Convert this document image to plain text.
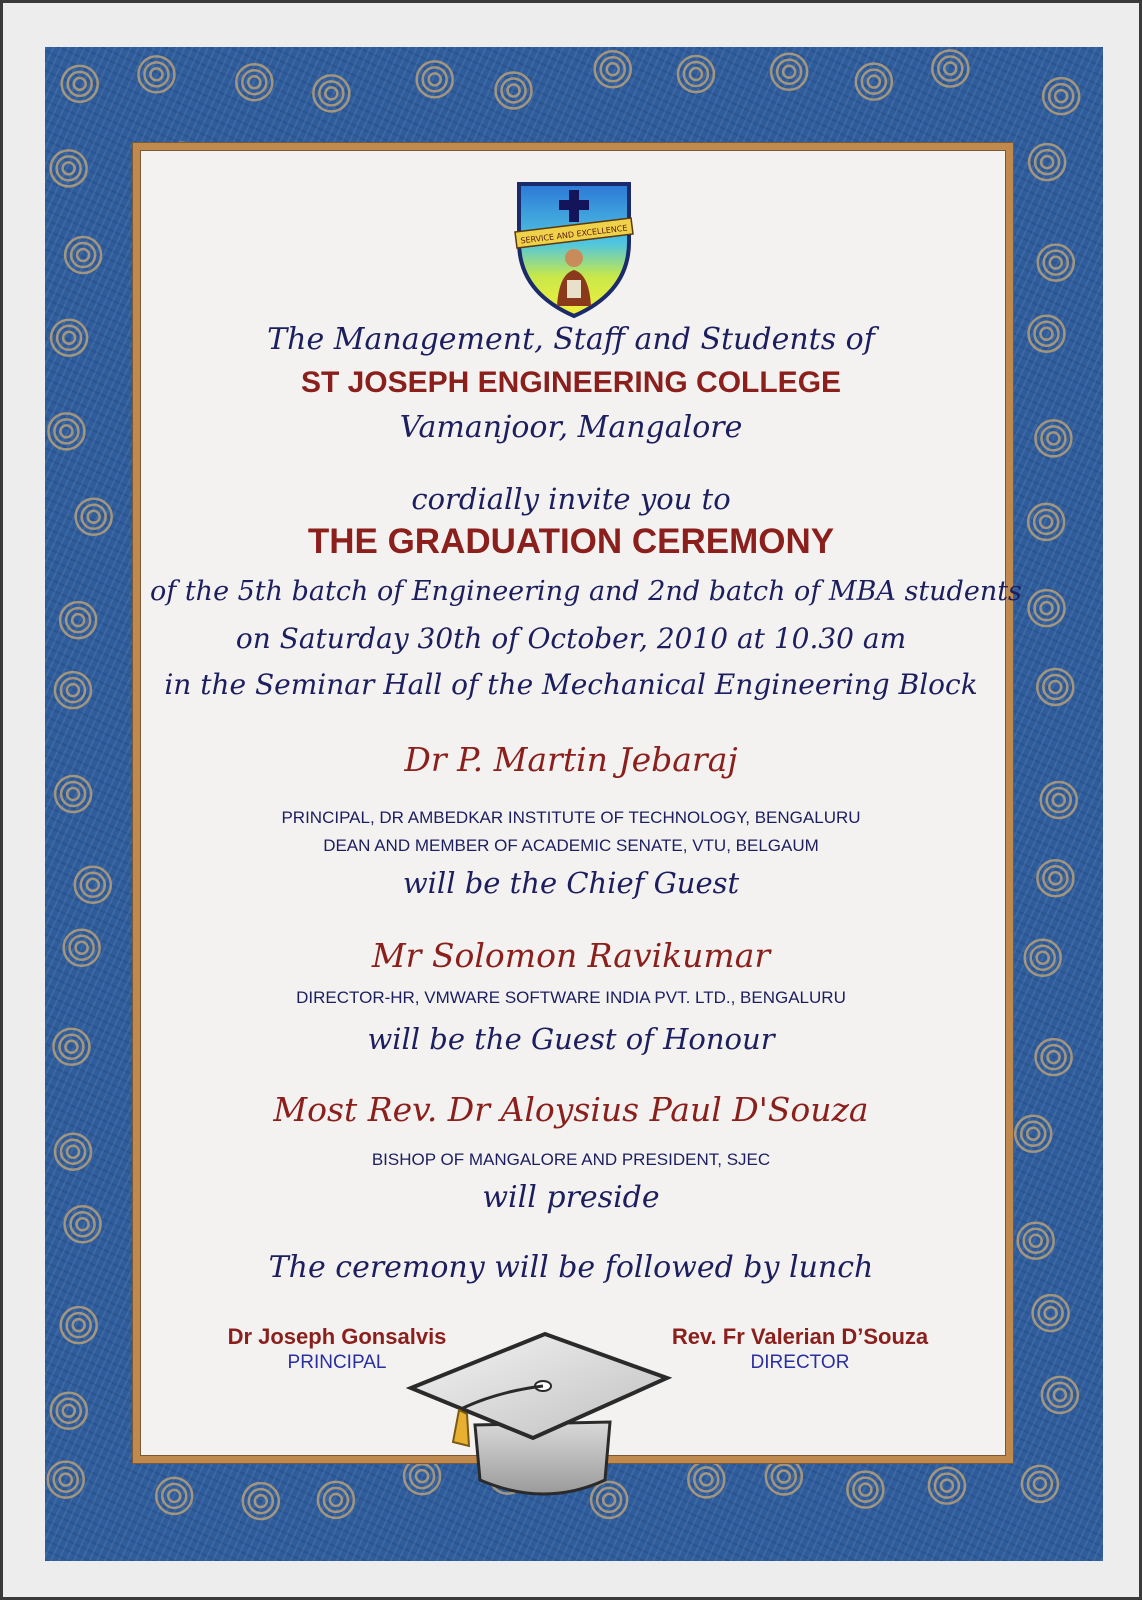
SERVICE AND EXCELLENCE
The Management, Staff and Students of
ST JOSEPH ENGINEERING COLLEGE
Vamanjoor, Mangalore
cordially invite you to
THE GRADUATION CEREMONY
of the 5th batch of Engineering and 2nd batch of MBA students
on Saturday 30th of October, 2010 at 10.30 am
in the Seminar Hall of the Mechanical Engineering Block
Dr P. Martin Jebaraj
PRINCIPAL, DR AMBEDKAR INSTITUTE OF TECHNOLOGY, BENGALURU
DEAN AND MEMBER OF ACADEMIC SENATE, VTU, BELGAUM
will be the Chief Guest
Mr Solomon Ravikumar
DIRECTOR-HR, VMWARE SOFTWARE INDIA PVT. LTD., BENGALURU
will be the Guest of Honour
Most Rev. Dr Aloysius Paul D'Souza
BISHOP OF MANGALORE AND PRESIDENT, SJEC
will preside
The ceremony will be followed by lunch
Dr Joseph Gonsalvis
PRINCIPAL
Rev. Fr Valerian D’Souza
DIRECTOR
